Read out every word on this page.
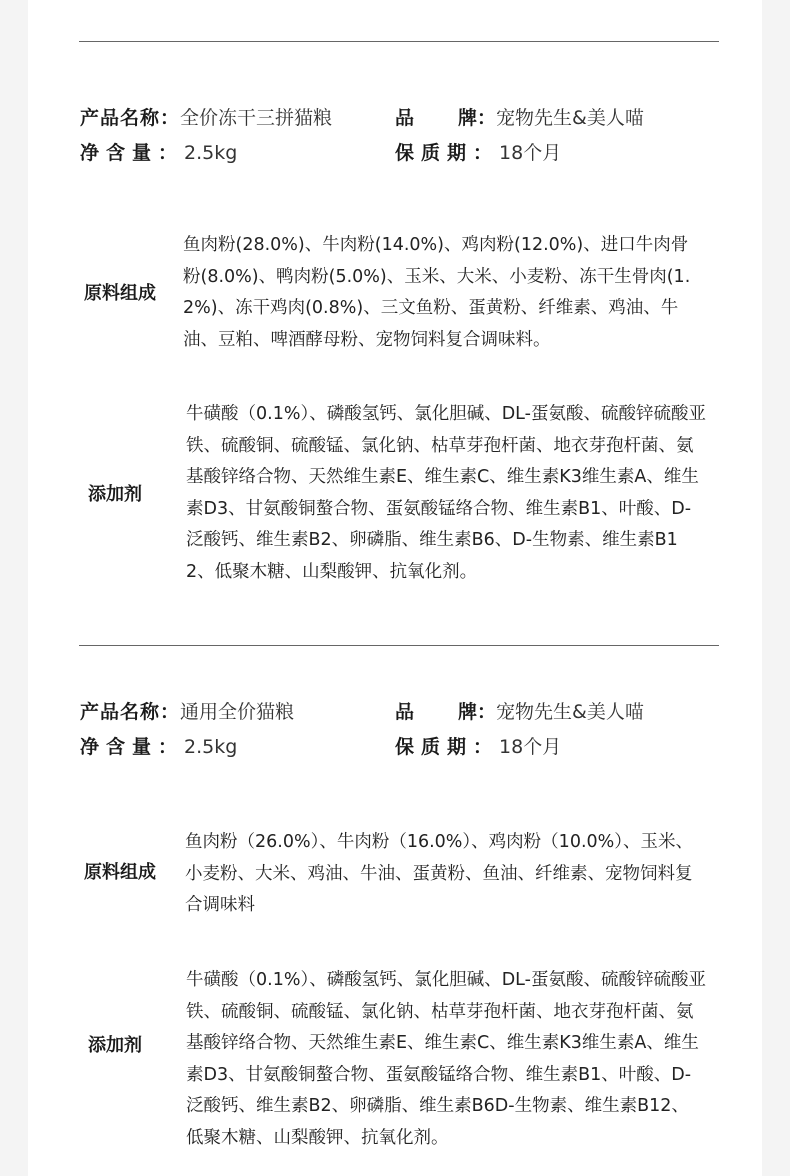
产品名称：全价冻干三拼猫粮	品 牌：宠物先生&美人喵
净含量：2.5kg	保质期：18个月
原料组成
鱼肉粉(28.0%)、牛肉粉(14.0%)、鸡肉粉(12.0%)、进口牛肉骨粉(8.0%)、鸭肉粉(5.0%)、玉米、大米、小麦粉、冻干生骨肉(1.2%)、冻干鸡肉(0.8%)、三文鱼粉、蛋黄粉、纤维素、鸡油、牛油、豆粕、啤酒酵母粉、宠物饲料复合调味料。
添加剂
牛磺酸（0.1%）、磷酸氢钙、氯化胆碱、DL-蛋氨酸、硫酸锌硫酸亚铁、硫酸铜、硫酸锰、氯化钠、枯草芽孢杆菌、地衣芽孢杆菌、氨基酸锌络合物、天然维生素E、维生素C、维生素K3维生素A、维生素D3、甘氨酸铜螯合物、蛋氨酸锰络合物、维生素B1、叶酸、D-泛酸钙、维生素B2、卵磷脂、维生素B6、D-生物素、维生素B12、低聚木糖、山梨酸钾、抗氧化剂。
产品名称：通用全价猫粮	品 牌：宠物先生&美人喵
净含量：2.5kg	保质期：18个月
原料组成
鱼肉粉（26.0%）、牛肉粉（16.0%）、鸡肉粉（10.0%）、玉米、小麦粉、大米、鸡油、牛油、蛋黄粉、鱼油、纤维素、宠物饲料复合调味料
添加剂
牛磺酸（0.1%）、磷酸氢钙、氯化胆碱、DL-蛋氨酸、硫酸锌硫酸亚铁、硫酸铜、硫酸锰、氯化钠、枯草芽孢杆菌、地衣芽孢杆菌、氨基酸锌络合物、天然维生素E、维生素C、维生素K3维生素A、维生素D3、甘氨酸铜螯合物、蛋氨酸锰络合物、维生素B1、叶酸、D-泛酸钙、维生素B2、卵磷脂、维生素B6D-生物素、维生素B12、低聚木糖、山梨酸钾、抗氧化剂。
